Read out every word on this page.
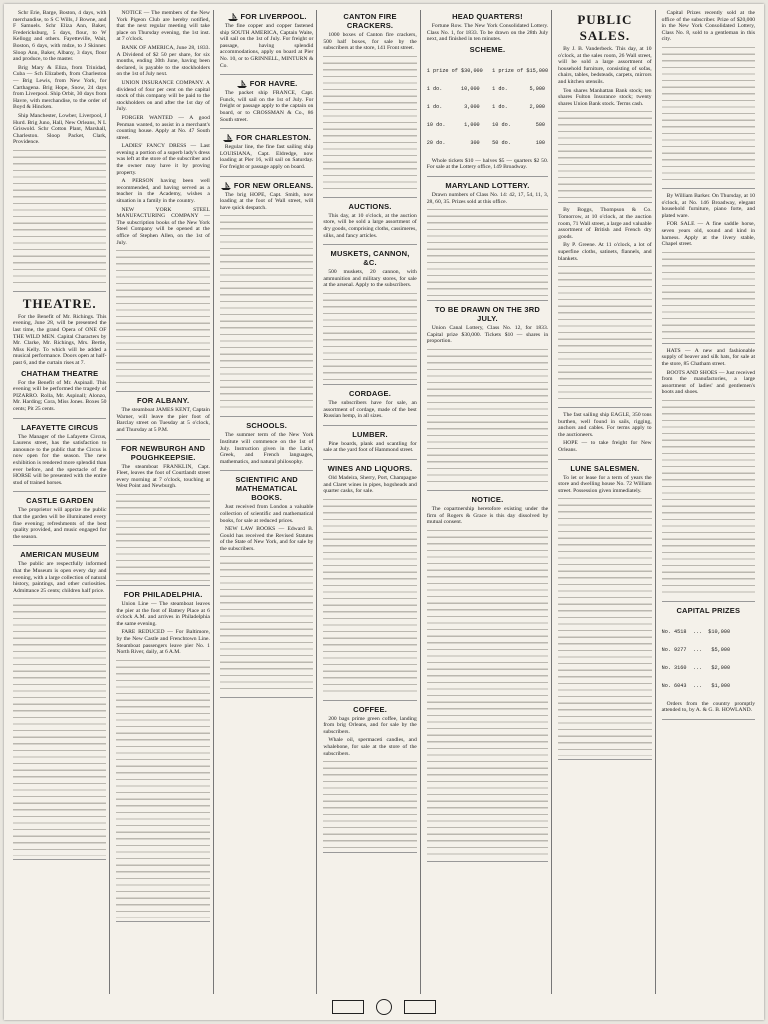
Schr Erie, Barge, Boston, 4 days, with merchandise, to S C Wills, J Bowne, and F Samuels. Schr Eliza Ann, Baker, Fredericksburg, 5 days, flour, to W Kellogg and others. Fayetteville, Wait, Boston, 6 days, with mdze, to J Skinner. Sloop Ann, Baker, Albany, 3 days, flour and produce, to the master.

Brig Mary & Eliza, from Trinidad, Cuba — Sch Elizabeth, from Charleston — Brig Lewis, from New York, for Carthagena. Brig Hope, Snow, 24 days from Liverpool. Ship Orbit, 30 days from Havre, with merchandise, to the order of Boyd & Hincken.

Ship Manchester, Lowber, Liverpool, J Hurd. Brig Juno, Hall, New Orleans, N L Griswold. Schr Cotton Plant, Marshall, Charleston. Sloop Packet, Clark, Providence.

THEATRE.

For the Benefit of Mr. Richings. This evening, June 28, will be presented the last time, the grand Opera of ONE OF THE WILD MEN. Capital Characters by Mr. Clarke, Mr. Richings, Mrs. Bertie, Miss Kelly. To which will be added a musical performance. Doors open at half-past 6, and the curtain rises at 7.

CHATHAM THEATRE

For the Benefit of Mr. Aspinall. This evening will be performed the tragedy of PIZARRO. Rolla, Mr. Aspinall; Alonzo, Mr. Harding; Cora, Miss Jones. Boxes 50 cents; Pit 25 cents.

LAFAYETTE CIRCUS

The Manager of the Lafayette Circus, Laurens street, has the satisfaction to announce to the public that the Circus is now open for the season. The new exhibition is rendered more splendid than ever before, and the spectacle of the HORSE will be presented with the entire stud of trained horses.

CASTLE GARDEN

The proprietor will apprize the public that the garden will be illuminated every fine evening; refreshments of the best quality provided, and music engaged for the season.

AMERICAN MUSEUM

The public are respectfully informed that the Museum is open every day and evening, with a large collection of natural history, paintings, and other curiosities. Admittance 25 cents; children half price.

NOTICE — The members of the New York Pigeon Club are hereby notified, that the next regular meeting will take place on Thursday evening, the 1st inst. at 7 o'clock.

BANK OF AMERICA, June 28, 1833. A Dividend of $2 50 per share, for six months, ending 30th June, having been declared, is payable to the stockholders on the 1st of July next.

UNION INSURANCE COMPANY. A dividend of four per cent on the capital stock of this company will be paid to the stockholders on and after the 1st day of July.

FORGER WANTED — A good Penman wanted, to assist in a merchant's counting house. Apply at No. 47 South street.

LADIES' FANCY DRESS — Last evening a portion of a superb lady's dress was left at the store of the subscriber and the owner may have it by proving property.

A PERSON having been well recommended, and having served as a teacher in the Academy, wishes a situation in a family in the country.

NEW YORK STEEL MANUFACTURING COMPANY — The subscription books of the New York Steel Company will be opened at the office of Stephen Allen, on the 1st of July.

FOR ALBANY.

The steamboat JAMES KENT, Captain Warner, will leave the pier foot of Barclay street on Tuesday at 5 o'clock, and Thursday at 5 P.M.

FOR NEWBURGH AND POUGHKEEPSIE.

The steamboat FRANKLIN, Capt. Fleet, leaves the foot of Courtlandt street every morning at 7 o'clock, touching at West Point and Newburgh.

FOR PHILADELPHIA.

Union Line — The steamboat leaves the pier at the foot of Battery Place at 6 o'clock A.M. and arrives in Philadelphia the same evening.

FARE REDUCED — For Baltimore, by the New Castle and Frenchtown Line. Steamboat passengers leave pier No. 1 North River, daily, at 6 A.M.

FOR LIVERPOOL.

The fine copper and copper fastened ship SOUTH AMERICA, Captain Waite, will sail on the 1st of July. For freight or passage, having splendid accommodations, apply on board at Pier No. 10, or to GRINNELL, MINTURN & Co.

FOR HAVRE.

The packet ship FRANCE, Capt. Funck, will sail on the 1st of July. For freight or passage apply to the captain on board, or to CROSSMAN & Co., 86 South street.

FOR CHARLESTON.

Regular line, the fine fast sailing ship LOUISIANA, Capt. Eldredge, now loading at Pier 16, will sail on Saturday. For freight or passage apply on board.

FOR NEW ORLEANS.

The brig HOPE, Capt. Smith, now loading at the foot of Wall street, will have quick despatch.

SCHOOLS.

The summer term of the New York Institute will commence on the 1st of July. Instruction given in the Latin, Greek, and French languages, mathematics, and natural philosophy.

SCIENTIFIC AND MATHEMATICAL BOOKS.

Just received from London a valuable collection of scientific and mathematical books, for sale at reduced prices.

NEW LAW BOOKS — Edward B. Gould has received the Revised Statutes of the State of New York, and for sale by the subscribers.

CANTON FIRE CRACKERS.

1000 boxes of Canton fire crackers, 500 half boxes, for sale by the subscribers at the store, 141 Front street.

AUCTIONS.

This day, at 10 o'clock, at the auction store, will be sold a large assortment of dry goods, comprising cloths, cassimeres, silks, and fancy articles.

MUSKETS, CANNON, &C.

500 muskets, 20 cannon, with ammunition and military stores, for sale at the arsenal. Apply to the subscribers.

CORDAGE.

The subscribers have for sale, an assortment of cordage, made of the best Russian hemp, in all sizes.

LUMBER.

Pine boards, plank and scantling for sale at the yard foot of Hammond street.

WINES AND LIQUORS.

Old Madeira, Sherry, Port, Champagne and Claret wines in pipes, hogsheads and quarter casks, for sale.

COFFEE.

200 bags prime green coffee, landing from brig Orleans, and for sale by the subscribers.

Whale oil, spermaceti candles, and whalebone, for sale at the store of the subscribers.

HEAD QUARTERS!

Fortune Row. The New York Consolidated Lottery. Class No. 1, for 1833. To be drawn on the 28th July next, and finished in ten minutes.

SCHEME.

1 prize of $30,000   1 prize of $15,000

1 do.      10,000    1 do.       5,000

1 do.       3,000    1 do.       2,000

10 do.      1,000    10 do.        500

20 do.        300    50 do.        100

Whole tickets $10 — halves $5 — quarters $2 50. For sale at the Lottery office, 149 Broadway.

MARYLAND LOTTERY.

Drawn numbers of Class No. 14: 42, 17, 54, 11, 3, 28, 60, 35. Prizes sold at this office.

TO BE DRAWN ON THE 3RD JULY.

Union Canal Lottery, Class No. 12, for 1833. Capital prize $30,000. Tickets $10 — shares in proportion.

NOTICE.

The copartnership heretofore existing under the firm of Rogers & Grace is this day dissolved by mutual consent.

PUBLIC SALES.

By J. B. Vanderbeck. This day, at 10 o'clock, at the sales room, 26 Wall street, will be sold a large assortment of household furniture, consisting of sofas, chairs, tables, bedsteads, carpets, mirrors and kitchen utensils.

Ten shares Manhattan Bank stock; ten shares Fulton Insurance stock; twenty shares Union Bank stock. Terms cash.

By Boggs, Thompson & Co. Tomorrow, at 10 o'clock, at the auction room, 71 Wall street, a large and valuable assortment of British and French dry goods.

By P. Greene. At 11 o'clock, a lot of superfine cloths, satinets, flannels, and blankets.

The fast sailing ship EAGLE, 350 tons burthen, well found in sails, rigging, anchors and cables. For terms apply to the auctioneers.

HOPE — to take freight for New Orleans.

LUNE SALESMEN.

To let or lease for a term of years the store and dwelling house No. 72 William street. Possession given immediately.

Capital Prizes recently sold at the office of the subscriber. Prize of $20,000 in the New York Consolidated Lottery, Class No. 8, sold to a gentleman in this city.

By William Barker. On Thursday, at 10 o'clock, at No. 146 Broadway, elegant household furniture, piano forte, and plated ware.

FOR SALE — A fine saddle horse, seven years old, sound and kind in harness. Apply at the livery stable, Chapel street.

HATS — A new and fashionable supply of beaver and silk hats, for sale at the store, 85 Chatham street.

BOOTS AND SHOES — Just received from the manufactories, a large assortment of ladies' and gentlemen's boots and shoes.

CAPITAL PRIZES

No. 4518  ...  $10,000

No. 9277  ...   $5,000

No. 3160  ...   $2,000

No. 6043  ...   $1,000

Orders from the country promptly attended to, by A. & G. B. HOWLAND.
